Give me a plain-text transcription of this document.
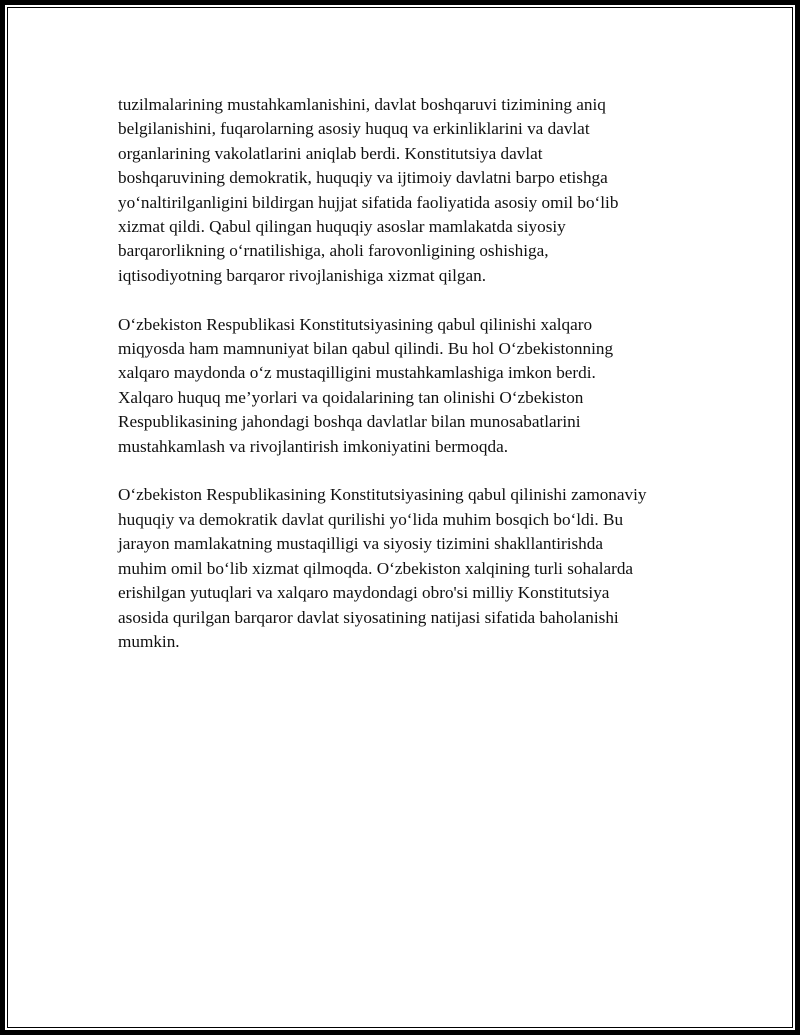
tuzilmalarining mustahkamlanishini, davlat boshqaruvi tizimining aniq
belgilanishini, fuqarolarning asosiy huquq va erkinliklarini va davlat
organlarining vakolatlarini aniqlab berdi. Konstitutsiya davlat
boshqaruvining demokratik, huquqiy va ijtimoiy davlatni barpo etishga
yo‘naltirilganligini bildirgan hujjat sifatida faoliyatida asosiy omil bo‘lib
xizmat qildi. Qabul qilingan huquqiy asoslar mamlakatda siyosiy
barqarorlikning o‘rnatilishiga, aholi farovonligining oshishiga,
iqtisodiyotning barqaror rivojlanishiga xizmat qilgan.

O‘zbekiston Respublikasi Konstitutsiyasining qabul qilinishi xalqaro
miqyosda ham mamnuniyat bilan qabul qilindi. Bu hol O‘zbekistonning
xalqaro maydonda o‘z mustaqilligini mustahkamlashiga imkon berdi.
Xalqaro huquq me’yorlari va qoidalarining tan olinishi O‘zbekiston
Respublikasining jahondagi boshqa davlatlar bilan munosabatlarini
mustahkamlash va rivojlantirish imkoniyatini bermoqda.

O‘zbekiston Respublikasining Konstitutsiyasining qabul qilinishi zamonaviy
huquqiy va demokratik davlat qurilishi yo‘lida muhim bosqich bo‘ldi. Bu
jarayon mamlakatning mustaqilligi va siyosiy tizimini shakllantirishda
muhim omil bo‘lib xizmat qilmoqda. O‘zbekiston xalqining turli sohalarda
erishilgan yutuqlari va xalqaro maydondagi obro'si milliy Konstitutsiya
asosida qurilgan barqaror davlat siyosatining natijasi sifatida baholanishi
mumkin.
